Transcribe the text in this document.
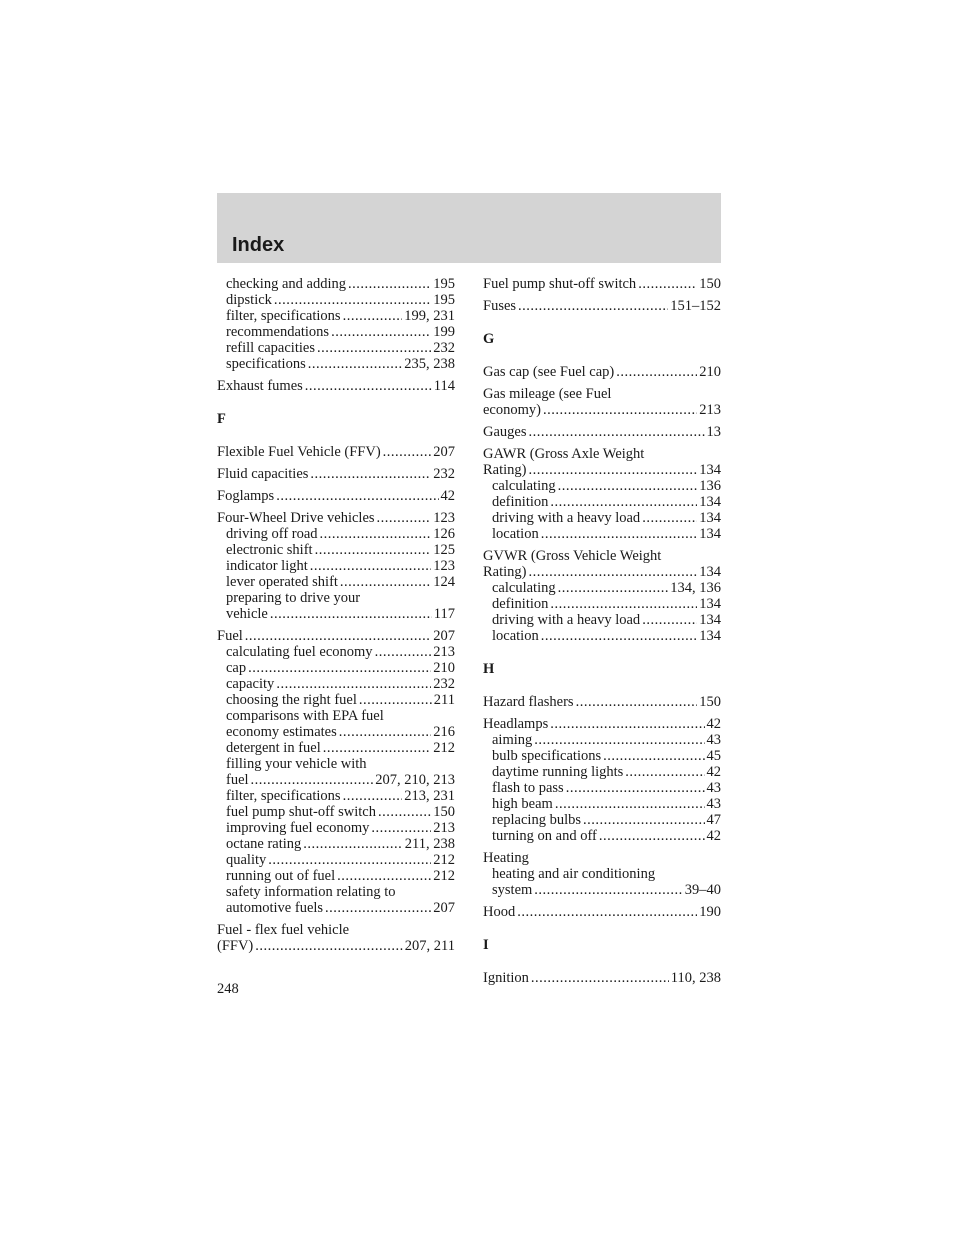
Index
checking and adding .....	195
dipstick .....	195
filter, specifications .....	199, 231
recommendations .....	199
refill capacities .....	232
specifications .....	235, 238
Exhaust fumes .....	114
F
Flexible Fuel Vehicle (FFV) .....	207
Fluid capacities .....	232
Foglamps .....	42
Four-Wheel Drive vehicles .....	123
driving off road .....	126
electronic shift .....	125
indicator light .....	123
lever operated shift .....	124
preparing to drive your
vehicle .....	117
Fuel .....	207
calculating fuel economy .....	213
cap .....	210
capacity .....	232
choosing the right fuel .....	211
comparisons with EPA fuel
economy estimates .....	216
detergent in fuel .....	212
filling your vehicle with
fuel .....	207, 210, 213
filter, specifications .....	213, 231
fuel pump shut-off switch .....	150
improving fuel economy .....	213
octane rating .....	211, 238
quality .....	212
running out of fuel .....	212
safety information relating to
automotive fuels .....	207
Fuel - flex fuel vehicle
(FFV) .....	207, 211
Fuel pump shut-off switch .....	150
Fuses .....	151–152
G
Gas cap (see Fuel cap) .....	210
Gas mileage (see Fuel
economy) .....	213
Gauges .....	13
GAWR (Gross Axle Weight
Rating) .....	134
calculating .....	136
definition .....	134
driving with a heavy load .....	134
location .....	134
GVWR (Gross Vehicle Weight
Rating) .....	134
calculating .....	134, 136
definition .....	134
driving with a heavy load .....	134
location .....	134
H
Hazard flashers .....	150
Headlamps .....	42
aiming .....	43
bulb specifications .....	45
daytime running lights .....	42
flash to pass .....	43
high beam .....	43
replacing bulbs .....	47
turning on and off .....	42
Heating
heating and air conditioning
system .....	39–40
Hood .....	190
I
Ignition .....	110, 238
248
